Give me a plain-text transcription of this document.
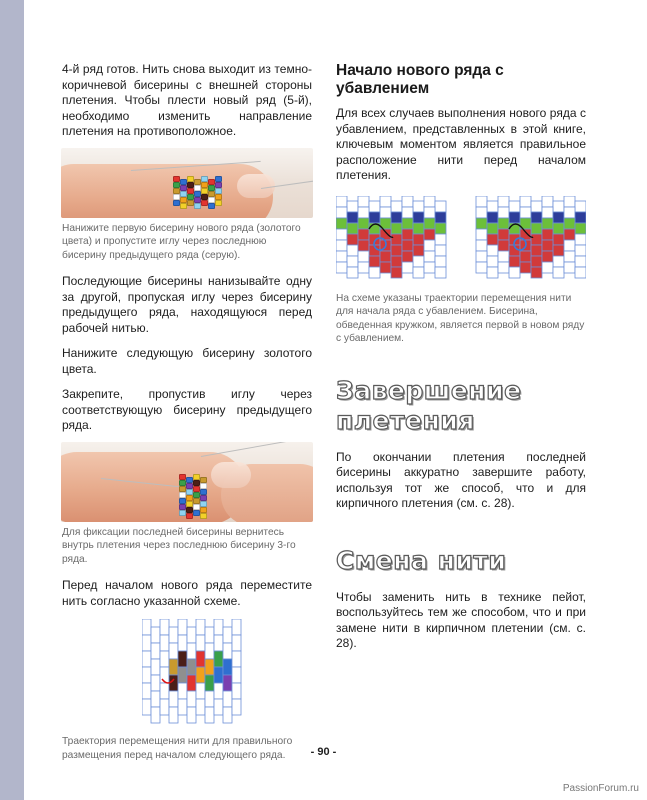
4-й ряд готов. Нить снова выходит из темно-коричневой бисерины с внешней стороны плетения. Чтобы плести новый ряд (5-й), необходимо изменить направление плетения на противоположное.

Нанижите первую бисерину нового ряда (золотого цвета) и пропустите иглу через последнюю бисерину предыдущего ряда (серую).

Последующие бисерины нанизывайте одну за другой, пропуская иглу через бисерину предыдущего ряда, находящуюся перед рабочей нитью.

Нанижите следующую бисерину золотого цвета.

Закрепите, пропустив иглу через соответствующую бисерину предыдущего ряда.

Для фиксации последней бисерины вернитесь внутрь плетения через последнюю бисерину 3-го ряда.

Перед началом нового ряда переместите нить согласно указанной схеме.

Траектория перемещения нити для правильного размещения перед началом следующего ряда.

Начало нового ряда с убавлением

Для всех случаев выполнения нового ряда с убавлением, представленных в этой книге, ключевым моментом является правильное расположение нити перед началом плетения.

На схеме указаны траектории перемещения нити для начала ряда с убавлением. Бисерина, обведенная кружком, является первой в новом ряду с убавлением.

Завершение плетения

По окончании плетения последней бисерины аккуратно завершите работу, используя тот же способ, что и для кирпичного плетения (см. с. 28).

Смена нити

Чтобы заменить нить в технике пейот, воспользуйтесь тем же способом, что и при замене нити в кирпичном плетении (см. с. 28).

- 90 -
PassionForum.ru
